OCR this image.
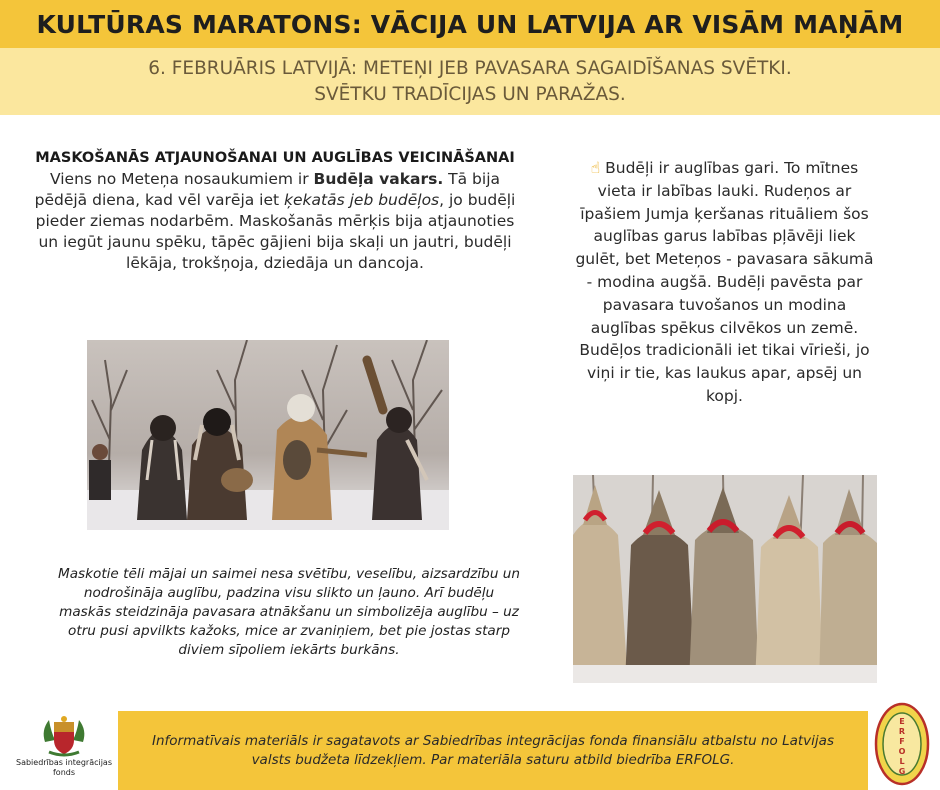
KULTŪRAS MARATONS: VĀCIJA UN LATVIJA AR VISĀM MAŅĀM
6. FEBRUĀRIS LATVIJĀ: METEŅI JEB PAVASARA SAGAIDĪŠANAS SVĒTKI.
SVĒTKU TRADĪCIJAS UN PARAŽAS.
MASKOŠANĀS ATJAUNOŠANAI UN AUGLĪBAS VEICINĀŠANAI
Viens no Meteņa nosaukumiem ir Budēļa vakars. Tā bija pēdējā diena, kad vēl varēja iet ķekatās jeb budēļos, jo budēļi pieder ziemas nodarbēm. Maskošanās mērķis bija atjaunoties un iegūt jaunu spēku, tāpēc gājieni bija skaļi un jautri, budēļi lēkāja, trokšņoja, dziedāja un dancoja.
☝ Budēļi ir auglības gari. To mītnes vieta ir labības lauki. Rudeņos ar īpašiem Jumja ķeršanas rituāliem šos auglības garus labības pļāvēji liek gulēt, bet Meteņos - pavasara sākumā - modina augšā. Budēļi pavēsta par pavasara tuvošanos un modina auglības spēkus cilvēkos un zemē.
Budēļos tradicionāli iet tikai vīrieši, jo viņi ir tie, kas laukus apar, apsēj un kopj.
Maskotie tēli mājai un saimei nesa svētību, veselību, aizsardzību un nodrošināja auglību, padzina visu slikto un ļauno. Arī budēļu maskās steidzināja pavasara atnākšanu un simbolizēja auglību – uz otru pusi apvilkts kažoks, mice ar zvaniņiem, bet pie jostas starp diviem sīpoliem iekārts burkāns.
Sabiedrības integrācijas
fonds

Informatīvais materiāls ir sagatavots ar Sabiedrības integrācijas fonda finansiālu atbalstu no Latvijas valsts budžeta līdzekļiem. Par materiāla saturu atbild biedrība ERFOLG.

E
R
F
O
L
G
